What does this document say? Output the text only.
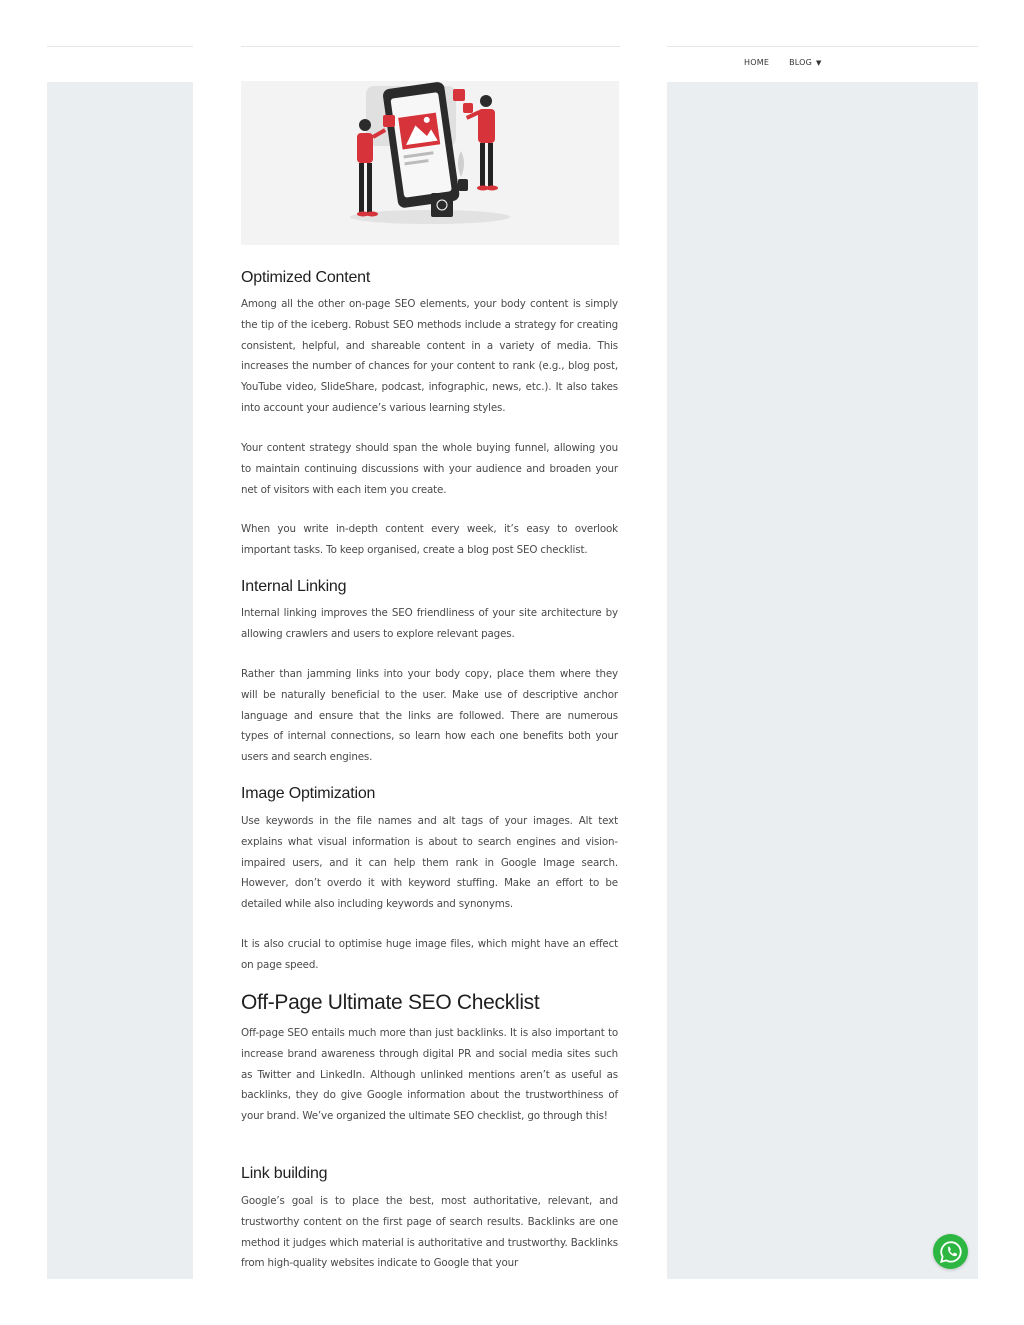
HOME	BLOG ▼
Optimized Content

Among all the other on-page SEO elements, your body content is simply the tip of the iceberg. Robust SEO methods include a strategy for creating consistent, helpful, and shareable content in a variety of media. This increases the number of chances for your content to rank (e.g., blog post, YouTube video, SlideShare, podcast, infographic, news, etc.). It also takes into account your audience’s various learning styles.

Your content strategy should span the whole buying funnel, allowing you to maintain continuing discussions with your audience and broaden your net of visitors with each item you create.

When you write in-depth content every week, it’s easy to overlook important tasks. To keep organised, create a blog post SEO checklist.

Internal Linking

Internal linking improves the SEO friendliness of your site architecture by allowing crawlers and users to explore relevant pages.

Rather than jamming links into your body copy, place them where they will be naturally beneficial to the user. Make use of descriptive anchor language and ensure that the links are followed. There are numerous types of internal connections, so learn how each one benefits both your users and search engines.

Image Optimization

Use keywords in the file names and alt tags of your images. Alt text explains what visual information is about to search engines and vision-impaired users, and it can help them rank in Google Image search. However, don’t overdo it with keyword stuffing. Make an effort to be detailed while also including keywords and synonyms.

It is also crucial to optimise huge image files, which might have an effect on page speed.

Off-Page Ultimate SEO Checklist

Off-page SEO entails much more than just backlinks. It is also important to increase brand awareness through digital PR and social media sites such as Twitter and LinkedIn. Although unlinked mentions aren’t as useful as backlinks, they do give Google information about the trustworthiness of your brand. We’ve organized the ultimate SEO checklist, go through this!

Link building

Google’s goal is to place the best, most authoritative, relevant, and trustworthy content on the first page of search results. Backlinks are one method it judges which material is authoritative and trustworthy. Backlinks from high-quality websites indicate to Google that your
